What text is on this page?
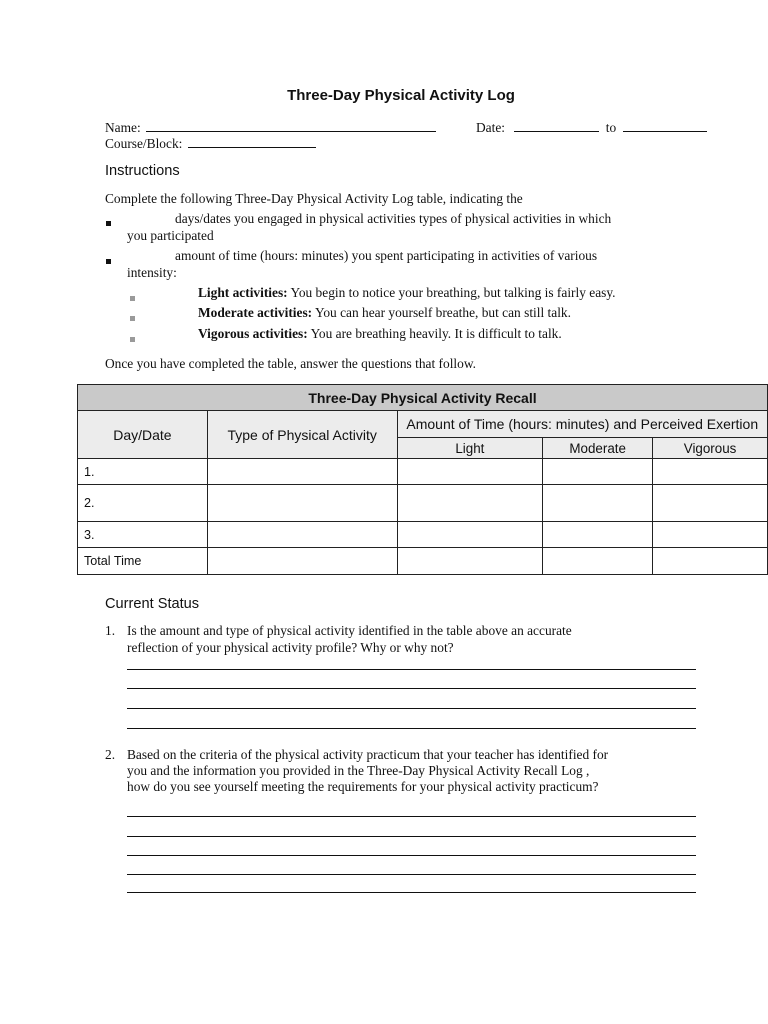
Three-Day Physical Activity Log
Name:	Date:	to
Course/Block:
Instructions
Complete the following Three-Day Physical Activity Log table, indicating the
days/dates you engaged in physical activities types of physical activities in which
you participated
amount of time (hours: minutes) you spent participating in activities of various
intensity:
Light activities: You begin to notice your breathing, but talking is fairly easy.
Moderate activities: You can hear yourself breathe, but can still talk.
Vigorous activities: You are breathing heavily. It is difficult to talk.
Once you have completed the table, answer the questions that follow.
Three-Day Physical Activity Recall				
Day/Date	Type of Physical Activity	Amount of Time (hours: minutes) and Perceived Exertion		
		Light	Moderate	Vigorous
1.				
2.				
3.				
Total Time				
Current Status
1. Is the amount and type of physical activity identified in the table above an accurate
reflection of your physical activity profile? Why or why not?
2. Based on the criteria of the physical activity practicum that your teacher has identified for
you and the information you provided in the Three-Day Physical Activity Recall Log ,
how do you see yourself meeting the requirements for your physical activity practicum?
